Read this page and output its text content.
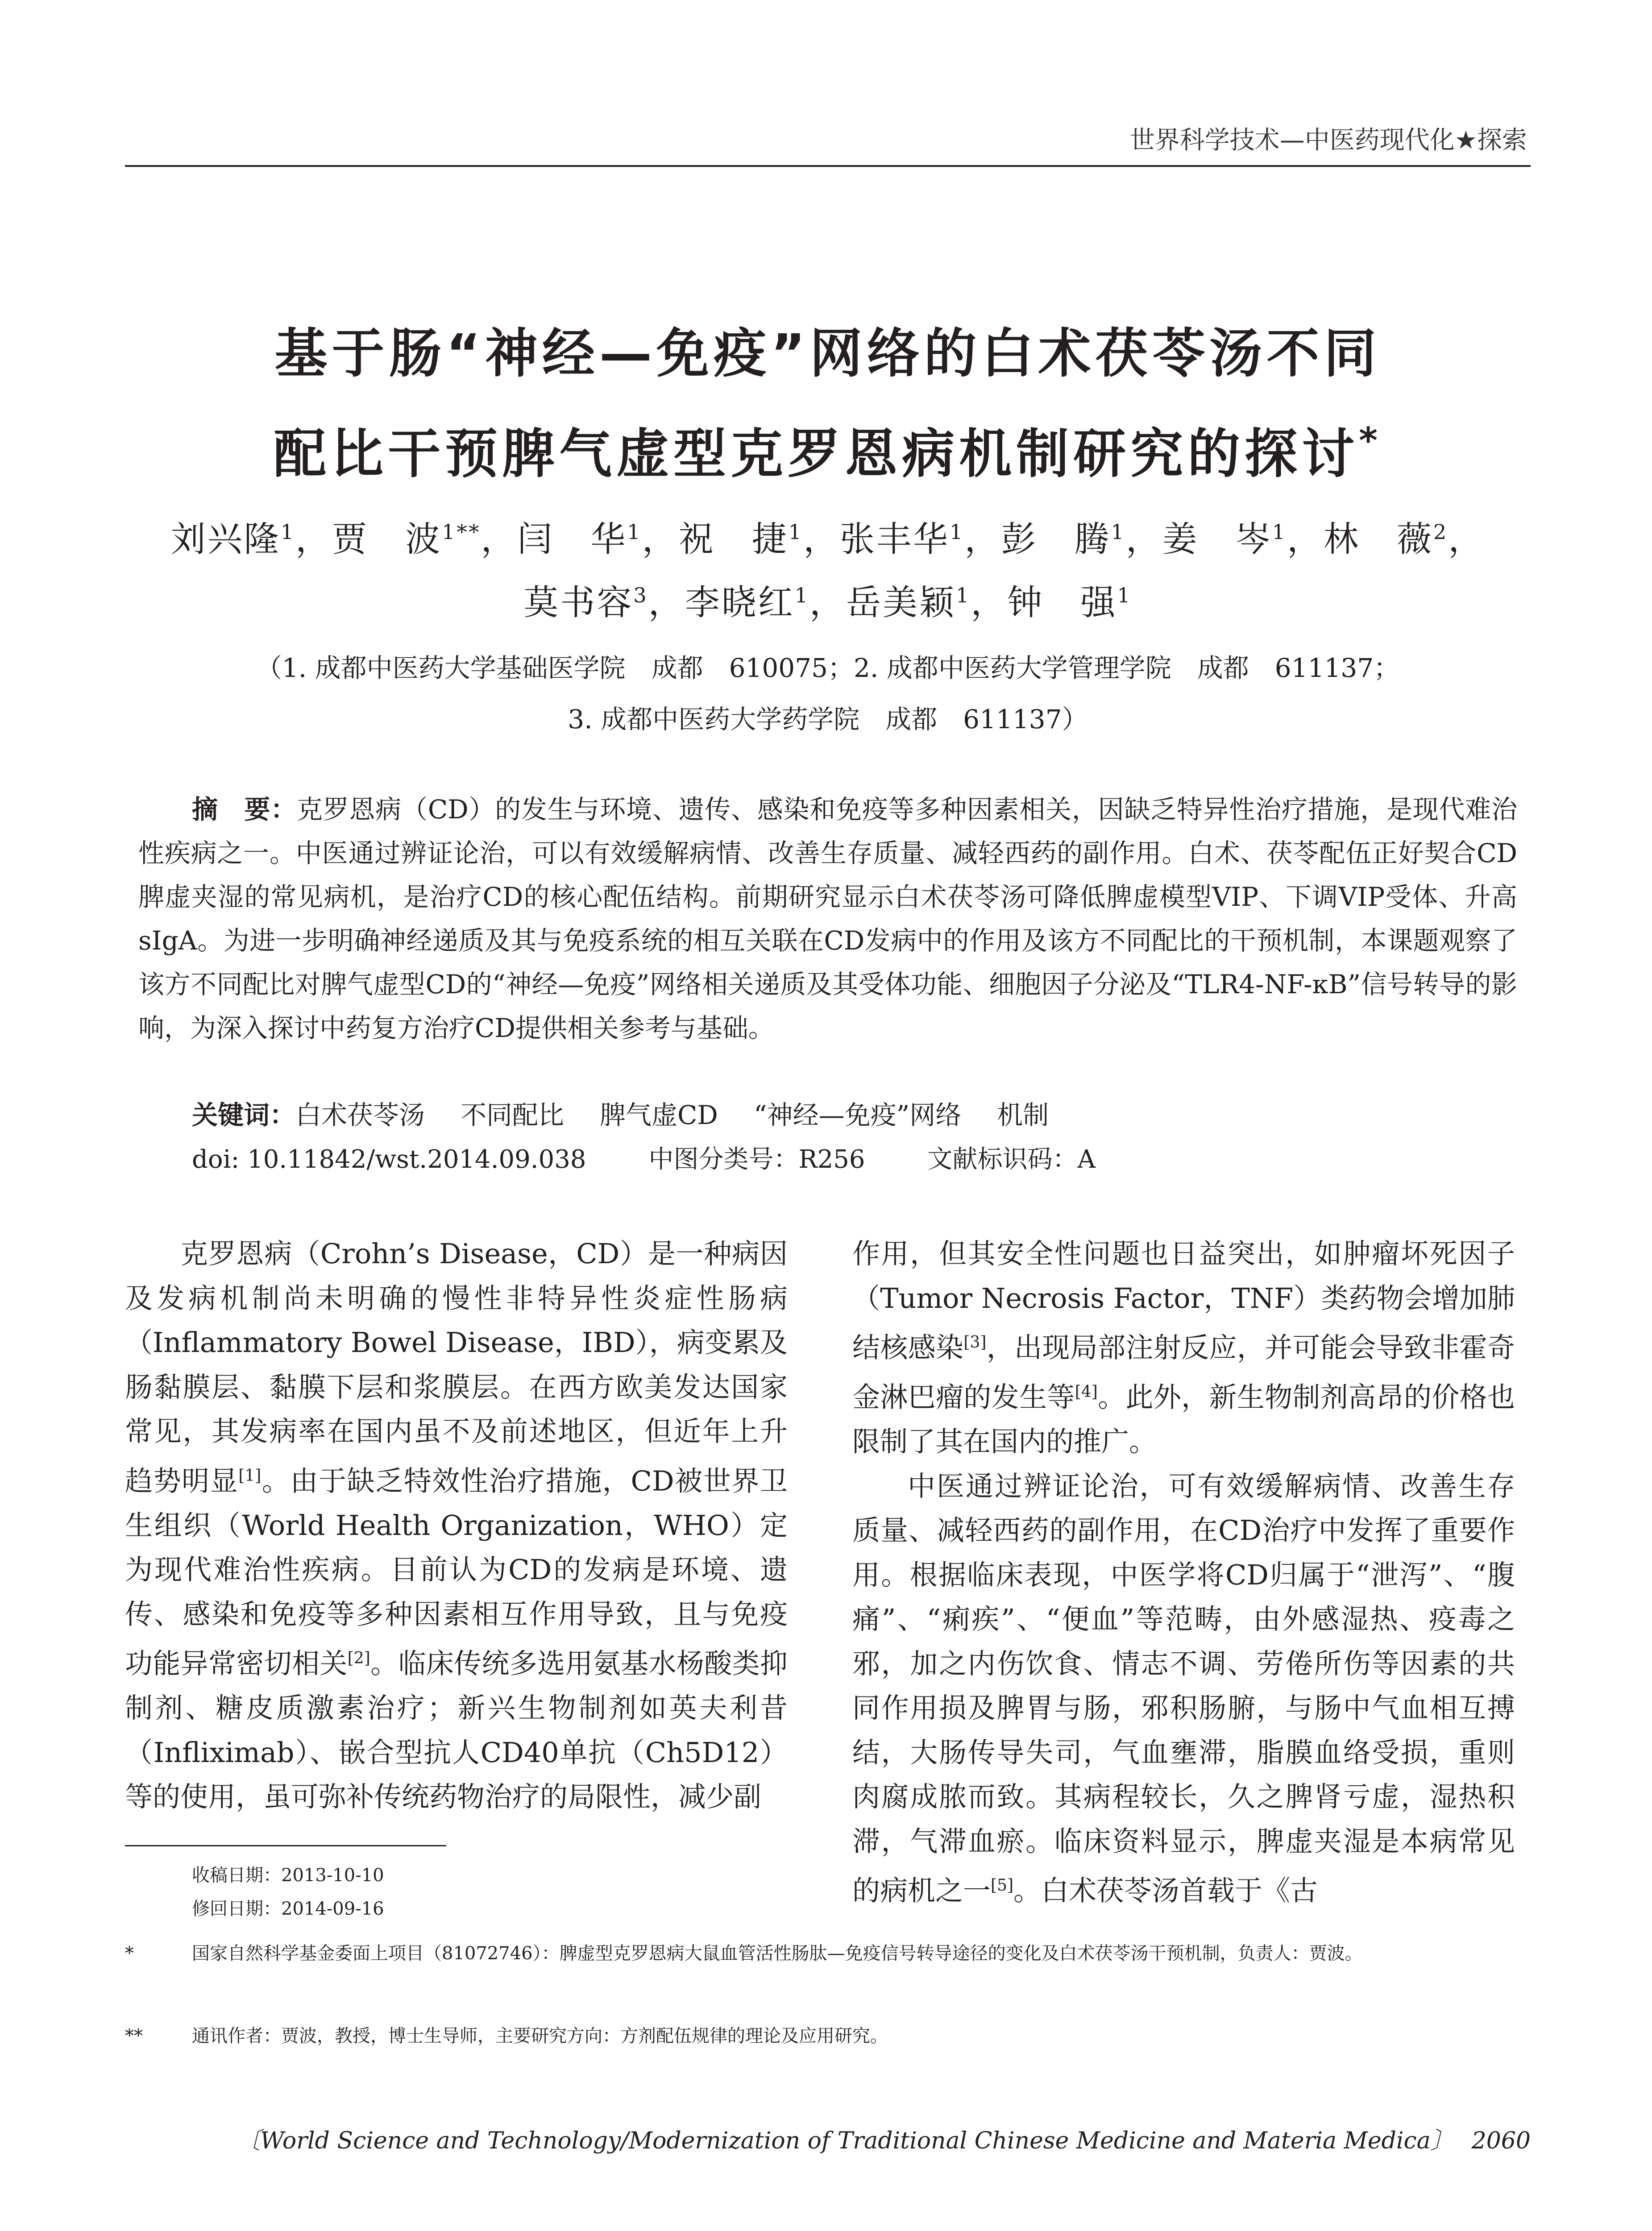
世界科学技术—中医药现代化★探索
基于肠“神经—免疫”网络的白术茯苓汤不同
配比干预脾气虚型克罗恩病机制研究的探讨*
刘兴隆$^1$，贾　波$^{1**}$，闫　华$^1$，祝　捷$^1$，张丰华$^1$，彭　腾$^1$，姜　岑$^1$，林　薇$^2$，
莫书容$^3$，李晓红$^1$，岳美颖$^1$，钟　强$^1$
（1. 成都中医药大学基础医学院　成都　610075；2. 成都中医药大学管理学院　成都　611137；
3. 成都中医药大学药学院　成都　611137）
摘　要：克罗恩病（CD）的发生与环境、遗传、感染和免疫等多种因素相关，因缺乏特异性治疗措施，是现代难治性疾病之一。中医通过辨证论治，可以有效缓解病情、改善生存质量、减轻西药的副作用。白术、茯苓配伍正好契合CD脾虚夹湿的常见病机，是治疗CD的核心配伍结构。前期研究显示白术茯苓汤可降低脾虚模型VIP、下调VIP受体、升高sIgA。为进一步明确神经递质及其与免疫系统的相互关联在CD发病中的作用及该方不同配比的干预机制，本课题观察了该方不同配比对脾气虚型CD的“神经—免疫”网络相关递质及其受体功能、细胞因子分泌及“TLR4-NF-κB”信号转导的影响，为深入探讨中药复方治疗CD提供相关参考与基础。
关键词：白术茯苓汤 不同配比 脾气虚CD “神经—免疫”网络 机制
doi: 10.11842/wst.2014.09.038	中图分类号：R256	文献标识码：A

克罗恩病（Crohn’s Disease，CD）是一种病因及发病机制尚未明确的慢性非特异性炎症性肠病（Inflammatory Bowel Disease，IBD），病变累及肠黏膜层、黏膜下层和浆膜层。在西方欧美发达国家常见，其发病率在国内虽不及前述地区，但近年上升趋势明显[1]。由于缺乏特效性治疗措施，CD被世界卫生组织（World Health Organization，WHO）定为现代难治性疾病。目前认为CD的发病是环境、遗传、感染和免疫等多种因素相互作用导致，且与免疫功能异常密切相关[2]。临床传统多选用氨基水杨酸类抑制剂、糖皮质激素治疗；新兴生物制剂如英夫利昔（Infliximab）、嵌合型抗人CD40单抗（Ch5D12）等的使用，虽可弥补传统药物治疗的局限性，减少副

作用，但其安全性问题也日益突出，如肿瘤坏死因子（Tumor Necrosis Factor，TNF）类药物会增加肺结核感染[3]，出现局部注射反应，并可能会导致非霍奇金淋巴瘤的发生等[4]。此外，新生物制剂高昂的价格也限制了其在国内的推广。

中医通过辨证论治，可有效缓解病情、改善生存质量、减轻西药的副作用，在CD治疗中发挥了重要作用。根据临床表现，中医学将CD归属于“泄泻”、“腹痛”、“痢疾”、“便血”等范畴，由外感湿热、疫毒之邪，加之内伤饮食、情志不调、劳倦所伤等因素的共同作用损及脾胃与肠，邪积肠腑，与肠中气血相互搏结，大肠传导失司，气血壅滞，脂膜血络受损，重则肉腐成脓而致。其病程较长，久之脾肾亏虚，湿热积滞，气滞血瘀。临床资料显示，脾虚夹湿是本病常见的病机之一[5]。白术茯苓汤首载于《古

收稿日期：2013-10-10
修回日期：2014-09-16
*	国家自然科学基金委面上项目（81072746）：脾虚型克罗恩病大鼠血管活性肠肽—免疫信号转导途径的变化及白术茯苓汤干预机制，负责人：贾波。
**	通讯作者：贾波，教授，博士生导师，主要研究方向：方剂配伍规律的理论及应用研究。
〔World Science and Technology/Modernization of Traditional Chinese Medicine and Materia Medica〕 2060
